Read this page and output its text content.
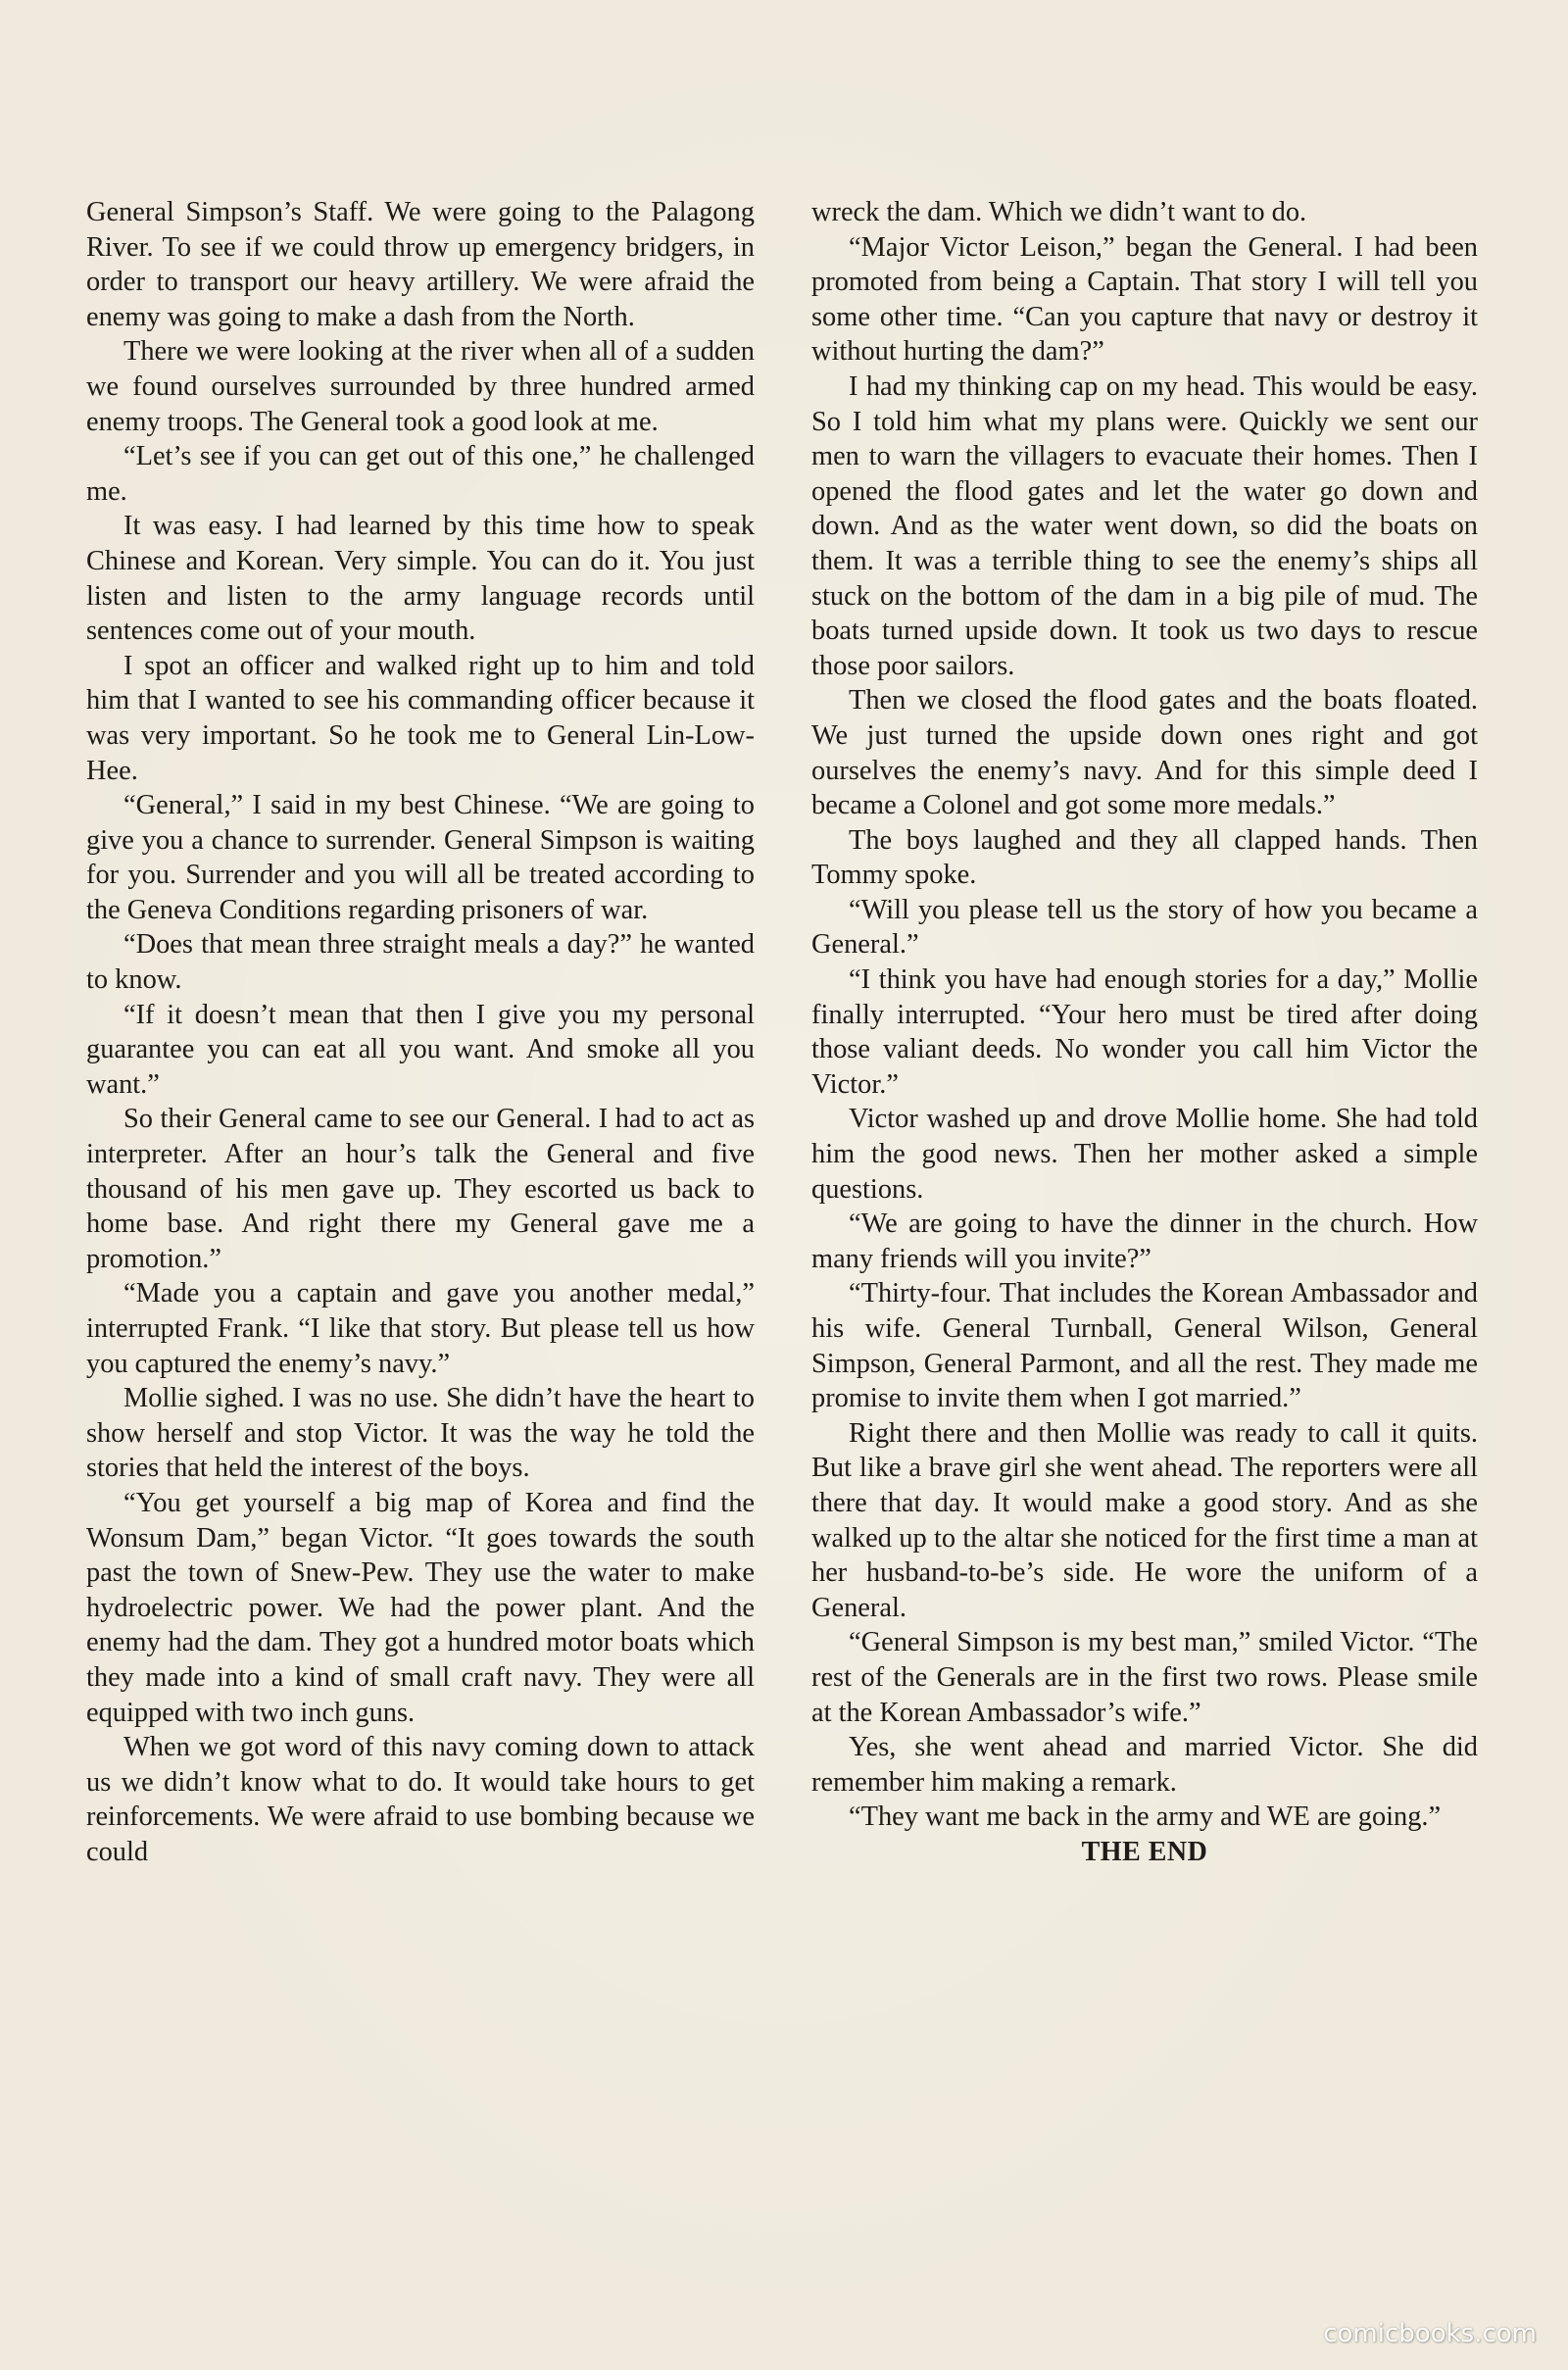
General Simpson’s Staff. We were going to the Palagong River. To see if we could throw up emergency bridgers, in order to transport our heavy artillery. We were afraid the enemy was going to make a dash from the North.

There we were looking at the river when all of a sudden we found ourselves surrounded by three hundred armed enemy troops. The General took a good look at me.

“Let’s see if you can get out of this one,” he challenged me.

It was easy. I had learned by this time how to speak Chinese and Korean. Very simple. You can do it. You just listen and listen to the army language records until sentences come out of your mouth.

I spot an officer and walked right up to him and told him that I wanted to see his commanding officer because it was very important. So he took me to General Lin-Low-Hee.

“General,” I said in my best Chinese. “We are going to give you a chance to surrender. General Simpson is waiting for you. Surrender and you will all be treated according to the Geneva Conditions regarding prisoners of war.

“Does that mean three straight meals a day?” he wanted to know.

“If it doesn’t mean that then I give you my personal guarantee you can eat all you want. And smoke all you want.”

So their General came to see our General. I had to act as interpreter. After an hour’s talk the General and five thousand of his men gave up. They escorted us back to home base. And right there my General gave me a promotion.”

“Made you a captain and gave you another medal,” interrupted Frank. “I like that story. But please tell us how you captured the enemy’s navy.”

Mollie sighed. I was no use. She didn’t have the heart to show herself and stop Victor. It was the way he told the stories that held the interest of the boys.

“You get yourself a big map of Korea and find the Wonsum Dam,” began Victor. “It goes towards the south past the town of Snew-Pew. They use the water to make hydroelectric power. We had the power plant. And the enemy had the dam. They got a hundred motor boats which they made into a kind of small craft navy. They were all equipped with two inch guns.

When we got word of this navy coming down to attack us we didn’t know what to do. It would take hours to get reinforcements. We were afraid to use bombing because we could

wreck the dam. Which we didn’t want to do.

“Major Victor Leison,” began the General. I had been promoted from being a Captain. That story I will tell you some other time. “Can you capture that navy or destroy it without hurting the dam?”

I had my thinking cap on my head. This would be easy. So I told him what my plans were. Quickly we sent our men to warn the villagers to evacuate their homes. Then I opened the flood gates and let the water go down and down. And as the water went down, so did the boats on them. It was a terrible thing to see the enemy’s ships all stuck on the bottom of the dam in a big pile of mud. The boats turned upside down. It took us two days to rescue those poor sailors.

Then we closed the flood gates and the boats floated. We just turned the upside down ones right and got ourselves the enemy’s navy. And for this simple deed I became a Colonel and got some more medals.”

The boys laughed and they all clapped hands. Then Tommy spoke.

“Will you please tell us the story of how you became a General.”

“I think you have had enough stories for a day,” Mollie finally interrupted. “Your hero must be tired after doing those valiant deeds. No wonder you call him Victor the Victor.”

Victor washed up and drove Mollie home. She had told him the good news. Then her mother asked a simple questions.

“We are going to have the dinner in the church. How many friends will you invite?”

“Thirty-four. That includes the Korean Ambassador and his wife. General Turnball, General Wilson, General Simpson, General Parmont, and all the rest. They made me promise to invite them when I got married.”

Right there and then Mollie was ready to call it quits. But like a brave girl she went ahead. The reporters were all there that day. It would make a good story. And as she walked up to the altar she noticed for the first time a man at her husband-to-be’s side. He wore the uniform of a General.

“General Simpson is my best man,” smiled Victor. “The rest of the Generals are in the first two rows. Please smile at the Korean Ambassador’s wife.”

Yes, she went ahead and married Victor. She did remember him making a remark.

“They want me back in the army and WE are going.”

THE END

comicbooks.com
